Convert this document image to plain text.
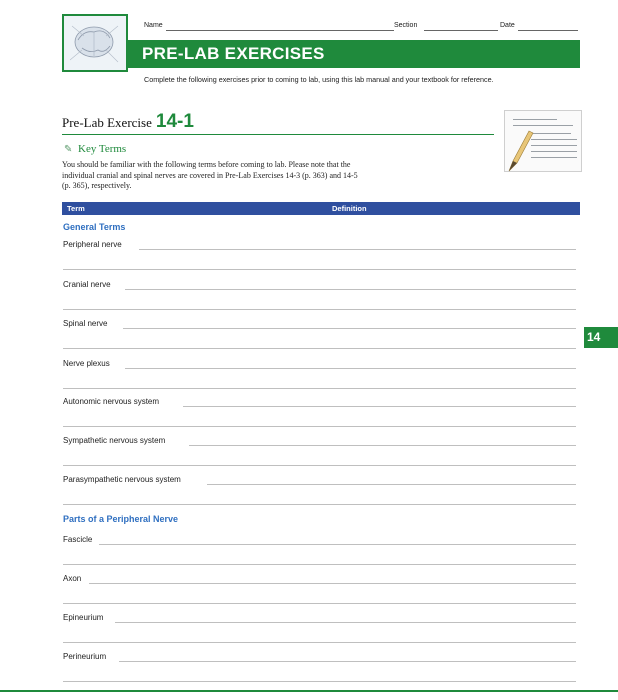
Name	Section	Date
PRE-LAB EXERCISES
Complete the following exercises prior to coming to lab, using this lab manual and your textbook for reference.
Pre-Lab Exercise 14-1
✎ Key Terms
You should be familiar with the following terms before coming to lab. Please note that the
individual cranial and spinal nerves are covered in Pre-Lab Exercises 14-3 (p. 363) and 14-5
(p. 365), respectively.
Term	Definition
General Terms
Peripheral nerve
Cranial nerve
Spinal nerve
Nerve plexus
Autonomic nervous system
Sympathetic nervous system
Parasympathetic nervous system
Parts of a Peripheral Nerve
Fascicle
Axon
Epineurium
Perineurium
14
